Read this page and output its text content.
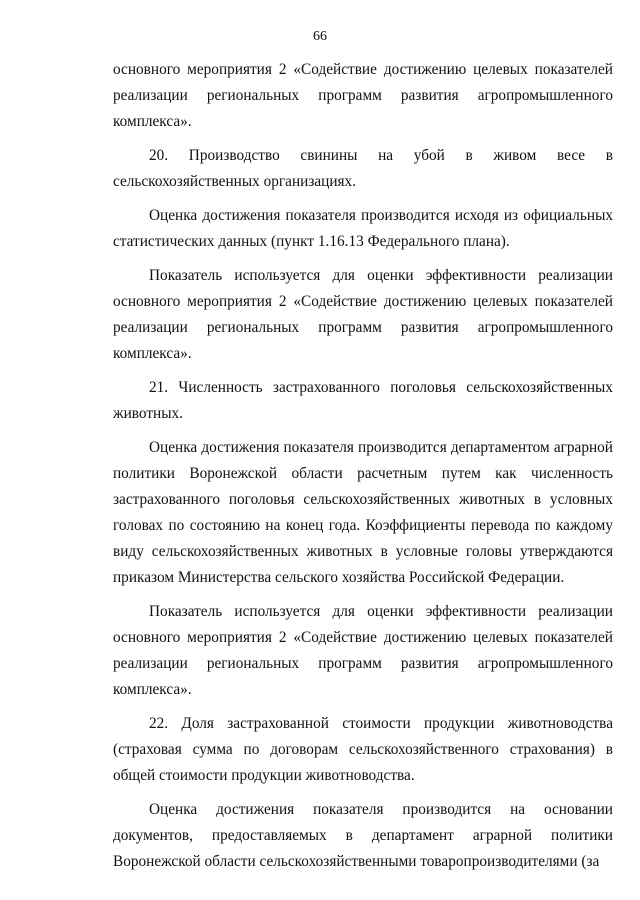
66

основного мероприятия 2 «Содействие достижению целевых показателей реализации региональных программ развития агропромышленного комплекса».

20. Производство свинины на убой в живом весе в сельскохозяйственных организациях.

Оценка достижения показателя производится исходя из официальных статистических данных (пункт 1.16.13 Федерального плана).

Показатель используется для оценки эффективности реализации основного мероприятия 2 «Содействие достижению целевых показателей реализации региональных программ развития агропромышленного комплекса».

21. Численность застрахованного поголовья сельскохозяйственных животных.

Оценка достижения показателя производится департаментом аграрной политики Воронежской области расчетным путем как численность застрахованного поголовья сельскохозяйственных животных в условных головах по состоянию на конец года. Коэффициенты перевода по каждому виду сельскохозяйственных животных в условные головы утверждаются приказом Министерства сельского хозяйства Российской Федерации.

Показатель используется для оценки эффективности реализации основного мероприятия 2 «Содействие достижению целевых показателей реализации региональных программ развития агропромышленного комплекса».

22. Доля застрахованной стоимости продукции животноводства (страховая сумма по договорам сельскохозяйственного страхования) в общей стоимости продукции животноводства.

Оценка достижения показателя производится на основании документов, предоставляемых в департамент аграрной политики Воронежской области сельскохозяйственными товаропроизводителями (за
